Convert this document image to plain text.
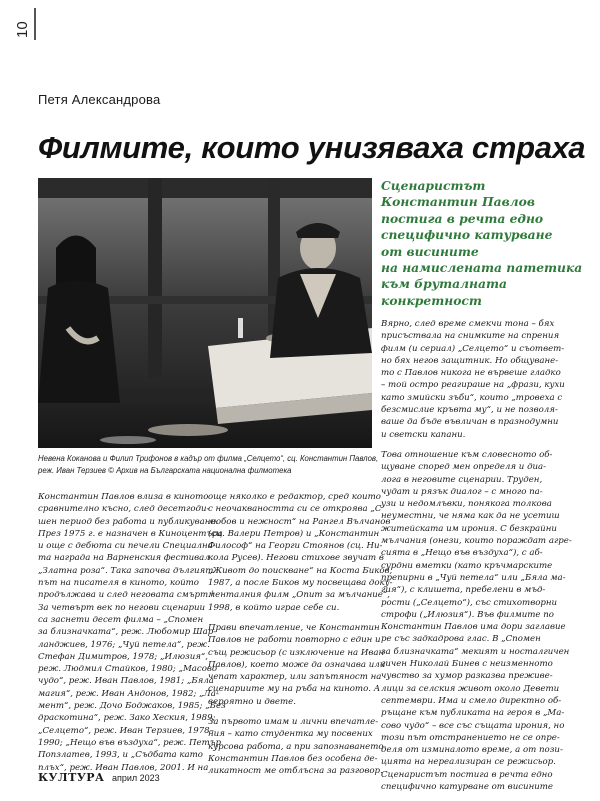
10
Петя Александрова
Филмите, които унизяваха страха
Сценаристът
Константин Павлов
постига в речта едно
специфично катурване
от висините
на намислената патетика
към бруталната
конкретност
Невена Коканова и Филип Трифонов в кадър от филма „Селцето“, сц. Константин Павлов,
реж. Иван Терзиев © Архив на Българската национална филмотека
Константин Павлов влиза в киното
сравнително късно, след десетгоди-
шен период без работа и публикуване.
През 1975 г. е назначен в Киноцентъра
и още с дебюта си печели Специална-
та награда на Варненския фестивал
„Златна роза“. Така започва дългият
път на писателя в киното, който
продължава и след неговата смърт.¹
За четвърт век по негови сценарии
са заснети десет филма – „Спомен
за близначката“, реж. Любомир Шар-
ланджиев, 1976; „Чуй петела“, реж.
Стефан Димитров, 1978; „Илюзия“,
реж. Людмил Стайков, 1980; „Масово
чудо“, реж. Иван Павлов, 1981; „Бяла
магия“, реж. Иван Андонов, 1982; „Ла-
мент“, реж. Дочо Боджаков, 1985; „Без
драскотина“, реж. Зако Хеския, 1989;
„Селцето“, реж. Иван Терзиев, 1978–
1990; „Нещо във въздуха“, реж. Петър
Попзлатев, 1993, и „Съдбата като
плъх“, реж. Иван Павлов, 2001. И на
още няколко е редактор, сред които
с неочакваността си се откроява „С
любов и нежност“ на Рангел Вълчанов
(сц. Валери Петров) и „Константин
Философ“ на Георги Стоянов (сц. Ни-
кола Русев). Негови стихове звучат в
„Живот до поискване“ на Коста Биков,
1987, а после Биков му посвещава доку-
менталния филм „Опит за мълчание“,
1998, в който играе себе си.
Прави впечатление, че Константин
Павлов не работи повторно с един и
същ режисьор (с изключение на Иван
Павлов), което може да означава или
чепат характер, или запътяност на
сценариите му на ръба на киното. А
вероятно и двете.
За първото имам и лични впечатле-
ния – като студентка му посвених
курсова работа, а при запознаването
Константин Павлов без особена де-
ликатност ме отблъсна за разговор.
Вярно, след време смекчи тона – бях
присъствала на снимките на спрения
филм (и сериал) „Селцето“ и съответ-
но бях негов защитник. Но общуване-
то с Павлов никога не вървеше гладко
– той остро реагираше на „фрази, кухи
като змийски зъби“, които „тровеха с
безсмислие кръвта му“, и не позволя-
ваше да бъде въвличан в празнодумни
и светски капани.
Това отношение към словесното об-
щуване според мен определя и диа-
лога в неговите сценарии. Труден,
чудат и рязък диалог – с много па-
узи и недомлъвки, понякога толкова
неуместни, че няма как да не усетиш
житейската им ирония. С безкрайни
мълчания (онези, които пораждат агре-
сията в „Нещо във въздуха“), с аб-
сурдни вметки (като кръчмарските
препирни в „Чуй петела“ или „Бяла ма-
гия“), с клишета, пребелени в мъд-
рости („Селцето“), със стихотворни
строфи („Илюзия“). Във филмите по
Константин Павлов има дори заглавие
ре със задкадрова глас. В „Спомен
за близначката“ мекият и носталгичен
гичен Николай Бинев с неизменното
чувство за хумор разказва преживе-
лици за селския живот около Девети
септември. Има и смело директно об-
ръщане към публиката на героя в „Ма-
сово чудо“ – все със същата ирония, но
този път отстранението не се опре-
деля от изминалото време, а от пози-
цията на нереализиран се режисьор.
Сценаристът постига в речта едно
специфично катурване от висините
КУЛТУРА април 2023
